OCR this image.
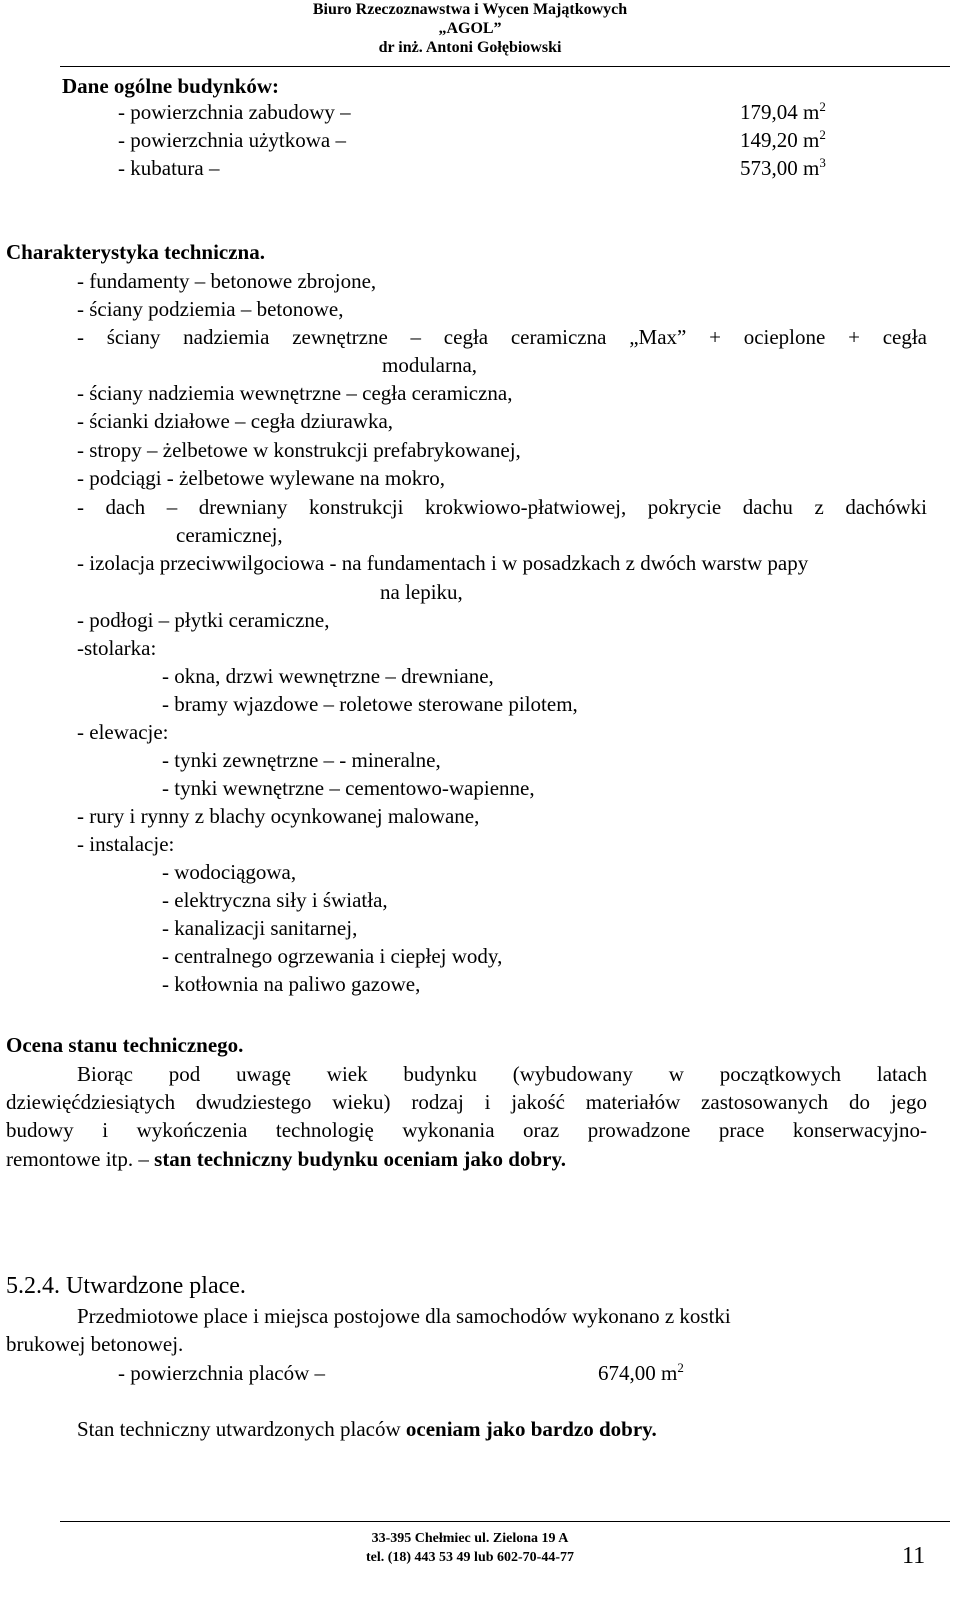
Biuro Rzeczoznawstwa i Wycen Majątkowych
„AGOL”
dr inż. Antoni Gołębiowski
Dane ogólne budynków:
- powierzchnia zabudowy –	179,04 $m^2$
- powierzchnia użytkowa –	149,20 $m^2$
- kubatura –	573,00 $m^3$
Charakterystyka techniczna.
- fundamenty – betonowe zbrojone,
- ściany podziemia – betonowe,
- ściany nadziemia zewnętrzne – cegła ceramiczna „Max” + ocieplone + cegła
modularna,
- ściany nadziemia wewnętrzne – cegła ceramiczna,
- ścianki działowe – cegła dziurawka,
- stropy – żelbetowe w konstrukcji prefabrykowanej,
- podciągi - żelbetowe wylewane na mokro,
- dach – drewniany konstrukcji krokwiowo-płatwiowej, pokrycie dachu z dachówki
ceramicznej,
- izolacja przeciwwilgociowa - na fundamentach i w posadzkach z dwóch warstw papy
na lepiku,
- podłogi – płytki ceramiczne,
-stolarka:
- okna, drzwi wewnętrzne – drewniane,
- bramy wjazdowe – roletowe sterowane pilotem,
- elewacje:
- tynki zewnętrzne – - mineralne,
- tynki wewnętrzne – cementowo-wapienne,
- rury i rynny z blachy ocynkowanej malowane,
- instalacje:
- wodociągowa,
- elektryczna siły i światła,
- kanalizacji sanitarnej,
- centralnego ogrzewania i ciepłej wody,
- kotłownia na paliwo gazowe,
Ocena stanu technicznego.
Biorąc pod uwagę wiek budynku (wybudowany w początkowych latach
dziewięćdziesiątych dwudziestego wieku) rodzaj i jakość materiałów zastosowanych do jego
budowy i wykończenia technologię wykonania oraz prowadzone prace konserwacyjno-
remontowe itp. – stan techniczny budynku oceniam jako dobry.
5.2.4. Utwardzone place.
Przedmiotowe place i miejsca postojowe dla samochodów wykonano z kostki
brukowej betonowej.
- powierzchnia placów –	674,00 $m^2$
Stan techniczny utwardzonych placów oceniam jako bardzo dobry.
33-395 Chełmiec ul. Zielona 19 A
tel. (18) 443 53 49 lub 602-70-44-77	11
